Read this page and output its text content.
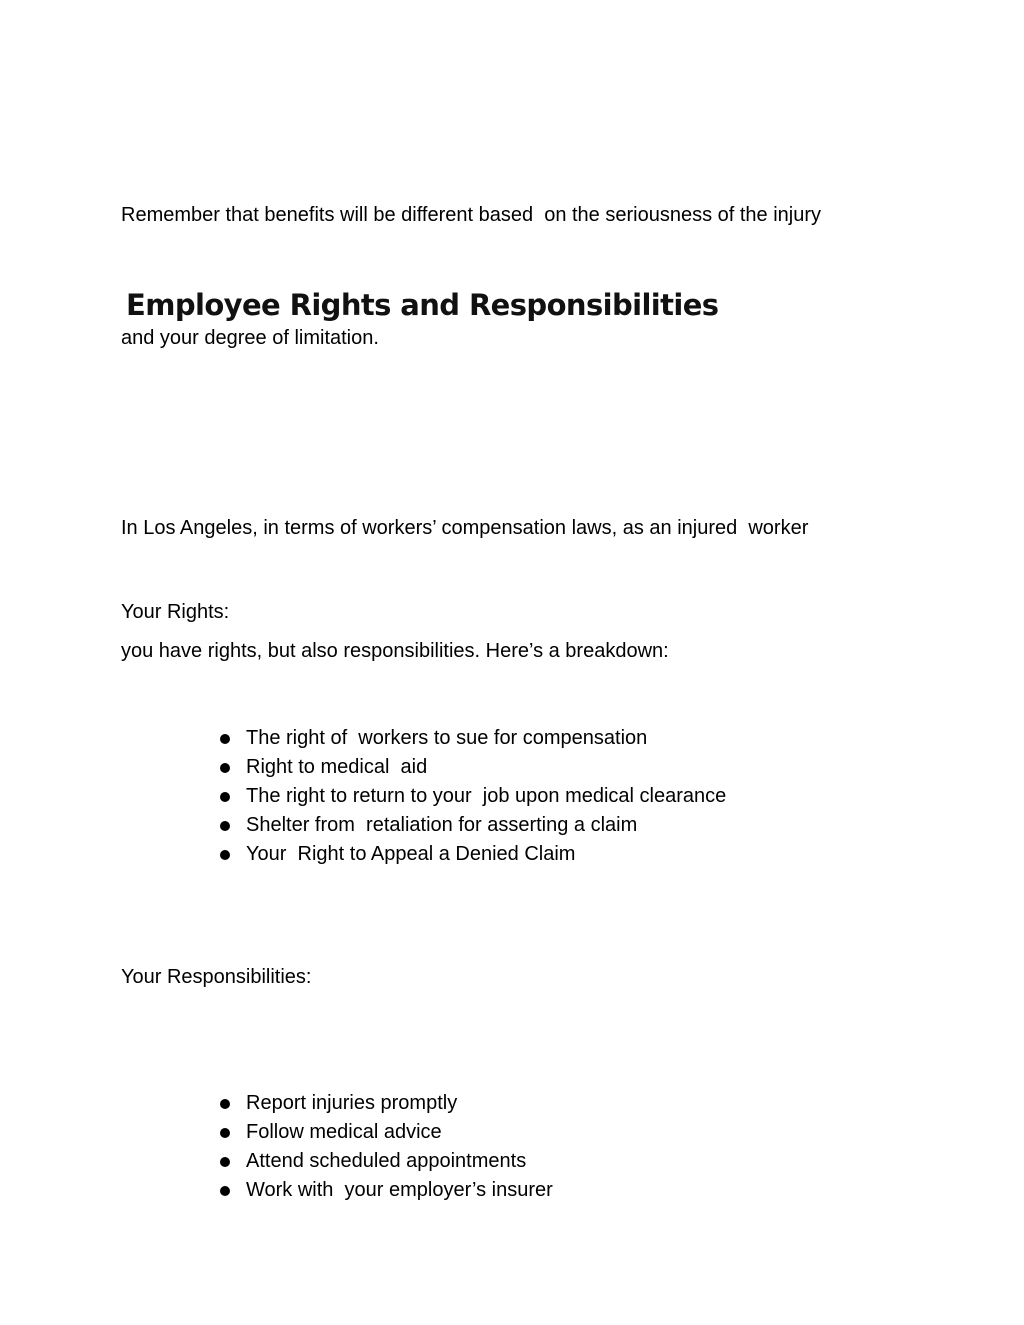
Remember that benefits will be different based  on the seriousness of the injury

and your degree of limitation.

Employee Rights and Responsibilities

In Los Angeles, in terms of workers’ compensation laws, as an injured  worker

you have rights, but also responsibilities. Here’s a breakdown:

Your Rights:

The right of  workers to sue for compensation
Right to medical  aid
The right to return to your  job upon medical clearance
Shelter from  retaliation for asserting a claim
Your  Right to Appeal a Denied Claim

Your Responsibilities:

Report injuries promptly
Follow medical advice
Attend scheduled appointments
Work with  your employer’s insurer
